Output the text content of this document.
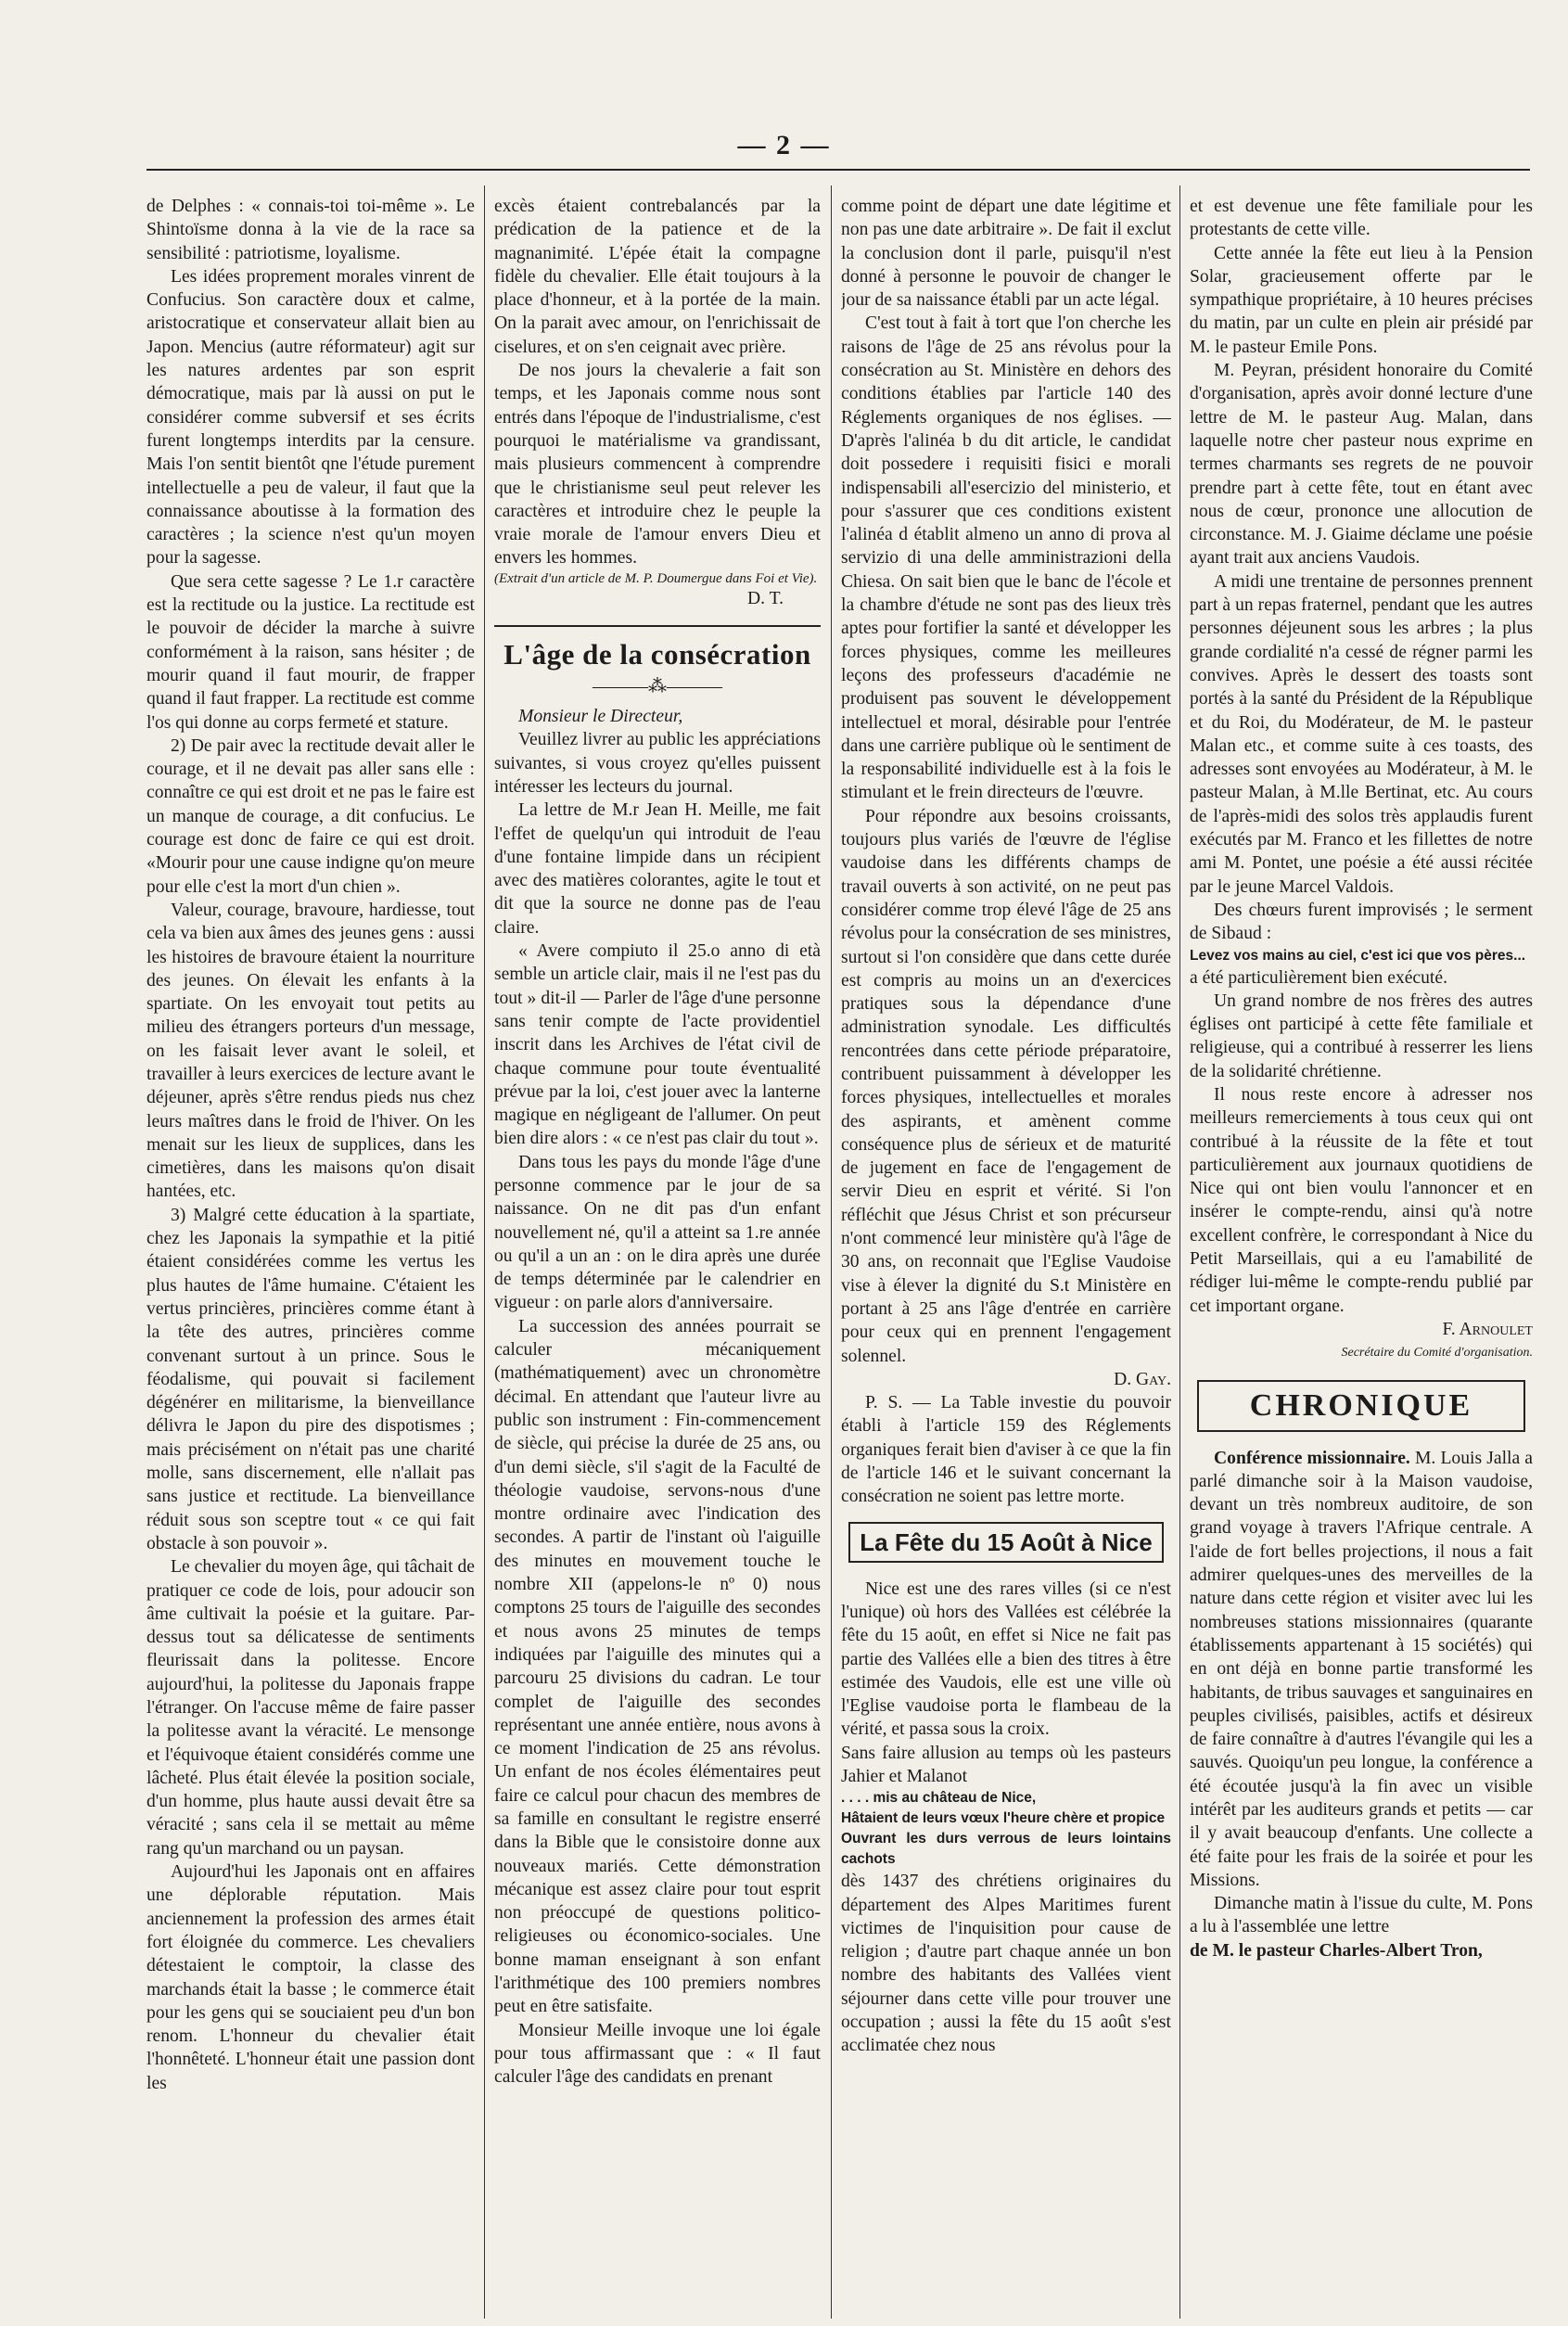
— 2 —

de Delphes : « connais-toi toi-même ». Le Shintoïsme donna à la vie de la race sa sensibilité : patriotisme, loyalisme.

Les idées proprement morales vinrent de Confucius. Son caractère doux et calme, aristocratique et conservateur allait bien au Japon. Mencius (autre réformateur) agit sur les natures ardentes par son esprit démocratique, mais par là aussi on put le considérer comme subversif et ses écrits furent longtemps interdits par la censure. Mais l'on sentit bientôt qne l'étude purement intellectuelle a peu de valeur, il faut que la connaissance aboutisse à la formation des caractères ; la science n'est qu'un moyen pour la sagesse.

Que sera cette sagesse ? Le 1.r caractère est la rectitude ou la justice. La rectitude est le pouvoir de décider la marche à suivre conformément à la raison, sans hésiter ; de mourir quand il faut mourir, de frapper quand il faut frapper. La rectitude est comme l'os qui donne au corps fermeté et stature.

2) De pair avec la rectitude devait aller le courage, et il ne devait pas aller sans elle : connaître ce qui est droit et ne pas le faire est un manque de courage, a dit confucius. Le courage est donc de faire ce qui est droit. «Mourir pour une cause indigne qu'on meure pour elle c'est la mort d'un chien ».

Valeur, courage, bravoure, hardiesse, tout cela va bien aux âmes des jeunes gens : aussi les histoires de bravoure étaient la nourriture des jeunes. On élevait les enfants à la spartiate. On les envoyait tout petits au milieu des étrangers porteurs d'un message, on les faisait lever avant le soleil, et travailler à leurs exercices de lecture avant le déjeuner, après s'être rendus pieds nus chez leurs maîtres dans le froid de l'hiver. On les menait sur les lieux de supplices, dans les cimetières, dans les maisons qu'on disait hantées, etc.

3) Malgré cette éducation à la spartiate, chez les Japonais la sympathie et la pitié étaient considérées comme les vertus les plus hautes de l'âme humaine. C'étaient les vertus princières, princières comme étant à la tête des autres, princières comme convenant surtout à un prince. Sous le féodalisme, qui pouvait si facilement dégénérer en militarisme, la bienveillance délivra le Japon du pire des dispotismes ; mais précisément on n'était pas une charité molle, sans discernement, elle n'allait pas sans justice et rectitude. La bienveillance réduit sous son sceptre tout « ce qui fait obstacle à son pouvoir ».

Le chevalier du moyen âge, qui tâchait de pratiquer ce code de lois, pour adoucir son âme cultivait la poésie et la guitare. Par-dessus tout sa délicatesse de sentiments fleurissait dans la politesse. Encore aujourd'hui, la politesse du Japonais frappe l'étranger. On l'accuse même de faire passer la politesse avant la véracité. Le mensonge et l'équivoque étaient considérés comme une lâcheté. Plus était élevée la position sociale, d'un homme, plus haute aussi devait être sa véracité ; sans cela il se mettait au même rang qu'un marchand ou un paysan.

Aujourd'hui les Japonais ont en affaires une déplorable réputation. Mais anciennement la profession des armes était fort éloignée du commerce. Les chevaliers détestaient le comptoir, la classe des marchands était la basse ; le commerce était pour les gens qui se souciaient peu d'un bon renom. L'honneur du chevalier était l'honnêteté. L'honneur était une passion dont les

excès étaient contrebalancés par la prédication de la patience et de la magnanimité. L'épée était la compagne fidèle du chevalier. Elle était toujours à la place d'honneur, et à la portée de la main. On la parait avec amour, on l'enrichissait de ciselures, et on s'en ceignait avec prière.

De nos jours la chevalerie a fait son temps, et les Japonais comme nous sont entrés dans l'époque de l'industrialisme, c'est pourquoi le matérialisme va grandissant, mais plusieurs commencent à comprendre que le christianisme seul peut relever les caractères et introduire chez le peuple la vraie morale de l'amour envers Dieu et envers les hommes.

(Extrait d'un article de M. P. Doumergue dans Foi et Vie).

D. T.

L'âge de la consécration
———⁂———

Monsieur le Directeur,

Veuillez livrer au public les appréciations suivantes, si vous croyez qu'elles puissent intéresser les lecteurs du journal.

La lettre de M.r Jean H. Meille, me fait l'effet de quelqu'un qui introduit de l'eau d'une fontaine limpide dans un récipient avec des matières colorantes, agite le tout et dit que la source ne donne pas de l'eau claire.

« Avere compiuto il 25.o anno di età semble un article clair, mais il ne l'est pas du tout » dit-il — Parler de l'âge d'une personne sans tenir compte de l'acte providentiel inscrit dans les Archives de l'état civil de chaque commune pour toute éventualité prévue par la loi, c'est jouer avec la lanterne magique en négligeant de l'allumer. On peut bien dire alors : « ce n'est pas clair du tout ».

Dans tous les pays du monde l'âge d'une personne commence par le jour de sa naissance. On ne dit pas d'un enfant nouvellement né, qu'il a atteint sa 1.re année ou qu'il a un an : on le dira après une durée de temps déterminée par le calendrier en vigueur : on parle alors d'anniversaire.

La succession des années pourrait se calculer mécaniquement (mathématiquement) avec un chronomètre décimal. En attendant que l'auteur livre au public son instrument : Fin-commencement de siècle, qui précise la durée de 25 ans, ou d'un demi siècle, s'il s'agit de la Faculté de théologie vaudoise, servons-nous d'une montre ordinaire avec l'indication des secondes. A partir de l'instant où l'aiguille des minutes en mouvement touche le nombre XII (appelons-le nº 0) nous comptons 25 tours de l'aiguille des secondes et nous avons 25 minutes de temps indiquées par l'aiguille des minutes qui a parcouru 25 divisions du cadran. Le tour complet de l'aiguille des secondes représentant une année entière, nous avons à ce moment l'indication de 25 ans révolus. Un enfant de nos écoles élémentaires peut faire ce calcul pour chacun des membres de sa famille en consultant le registre enserré dans la Bible que le consistoire donne aux nouveaux mariés. Cette démonstration mécanique est assez claire pour tout esprit non préoccupé de questions politico-religieuses ou économico-sociales. Une bonne maman enseignant à son enfant l'arithmétique des 100 premiers nombres peut en être satisfaite.

Monsieur Meille invoque une loi égale pour tous affirmassant que : « Il faut calculer l'âge des candidats en prenant

comme point de départ une date légitime et non pas une date arbitraire ». De fait il exclut la conclusion dont il parle, puisqu'il n'est donné à personne le pouvoir de changer le jour de sa naissance établi par un acte légal.

C'est tout à fait à tort que l'on cherche les raisons de l'âge de 25 ans révolus pour la consécration au St. Ministère en dehors des conditions établies par l'article 140 des Réglements organiques de nos églises. — D'après l'alinéa b du dit article, le candidat doit possedere i requisiti fisici e morali indispensabili all'esercizio del ministerio, et pour s'assurer que ces conditions existent l'alinéa d établit almeno un anno di prova al servizio di una delle amministrazioni della Chiesa. On sait bien que le banc de l'école et la chambre d'étude ne sont pas des lieux très aptes pour fortifier la santé et développer les forces physiques, comme les meilleures leçons des professeurs d'académie ne produisent pas souvent le développement intellectuel et moral, désirable pour l'entrée dans une carrière publique où le sentiment de la responsabilité individuelle est à la fois le stimulant et le frein directeurs de l'œuvre.

Pour répondre aux besoins croissants, toujours plus variés de l'œuvre de l'église vaudoise dans les différents champs de travail ouverts à son activité, on ne peut pas considérer comme trop élevé l'âge de 25 ans révolus pour la consécration de ses ministres, surtout si l'on considère que dans cette durée est compris au moins un an d'exercices pratiques sous la dépendance d'une administration synodale. Les difficultés rencontrées dans cette période préparatoire, contribuent puissamment à développer les forces physiques, intellectuelles et morales des aspirants, et amènent comme conséquence plus de sérieux et de maturité de jugement en face de l'engagement de servir Dieu en esprit et vérité. Si l'on réfléchit que Jésus Christ et son précurseur n'ont commencé leur ministère qu'à l'âge de 30 ans, on reconnait que l'Eglise Vaudoise vise à élever la dignité du S.t Ministère en portant à 25 ans l'âge d'entrée en carrière pour ceux qui en prennent l'engagement solennel.

D. Gay.

P. S. — La Table investie du pouvoir établi à l'article 159 des Réglements organiques ferait bien d'aviser à ce que la fin de l'article 146 et le suivant concernant la consécration ne soient pas lettre morte.

La Fête du 15 Août à Nice

Nice est une des rares villes (si ce n'est l'unique) où hors des Vallées est célébrée la fête du 15 août, en effet si Nice ne fait pas partie des Vallées elle a bien des titres à être estimée des Vaudois, elle est une ville où l'Eglise vaudoise porta le flambeau de la vérité, et passa sous la croix.

Sans faire allusion au temps où les pasteurs Jahier et Malanot

. . . . mis au château de Nice,

Hâtaient de leurs vœux l'heure chère et propice

Ouvrant les durs verrous de leurs lointains cachots

dès 1437 des chrétiens originaires du département des Alpes Maritimes furent victimes de l'inquisition pour cause de religion ; d'autre part chaque année un bon nombre des habitants des Vallées vient séjourner dans cette ville pour trouver une occupation ; aussi la fête du 15 août s'est acclimatée chez nous

et est devenue une fête familiale pour les protestants de cette ville.

Cette année la fête eut lieu à la Pension Solar, gracieusement offerte par le sympathique propriétaire, à 10 heures précises du matin, par un culte en plein air présidé par M. le pasteur Emile Pons.

M. Peyran, président honoraire du Comité d'organisation, après avoir donné lecture d'une lettre de M. le pasteur Aug. Malan, dans laquelle notre cher pasteur nous exprime en termes charmants ses regrets de ne pouvoir prendre part à cette fête, tout en étant avec nous de cœur, prononce une allocution de circonstance. M. J. Giaime déclame une poésie ayant trait aux anciens Vaudois.

A midi une trentaine de personnes prennent part à un repas fraternel, pendant que les autres personnes déjeunent sous les arbres ; la plus grande cordialité n'a cessé de régner parmi les convives. Après le dessert des toasts sont portés à la santé du Président de la République et du Roi, du Modérateur, de M. le pasteur Malan etc., et comme suite à ces toasts, des adresses sont envoyées au Modérateur, à M. le pasteur Malan, à M.lle Bertinat, etc. Au cours de l'après-midi des solos très applaudis furent exécutés par M. Franco et les fillettes de notre ami M. Pontet, une poésie a été aussi récitée par le jeune Marcel Valdois.

Des chœurs furent improvisés ; le serment de Sibaud :

Levez vos mains au ciel, c'est ici que vos pères...

a été particulièrement bien exécuté.

Un grand nombre de nos frères des autres églises ont participé à cette fête familiale et religieuse, qui a contribué à resserrer les liens de la solidarité chrétienne.

Il nous reste encore à adresser nos meilleurs remerciements à tous ceux qui ont contribué à la réussite de la fête et tout particulièrement aux journaux quotidiens de Nice qui ont bien voulu l'annoncer et en insérer le compte-rendu, ainsi qu'à notre excellent confrère, le correspondant à Nice du Petit Marseillais, qui a eu l'amabilité de rédiger lui-même le compte-rendu publié par cet important organe.

F. Arnoulet

Secrétaire du Comité d'organisation.

CHRONIQUE

Conférence missionnaire. M. Louis Jalla a parlé dimanche soir à la Maison vaudoise, devant un très nombreux auditoire, de son grand voyage à travers l'Afrique centrale. A l'aide de fort belles projections, il nous a fait admirer quelques-unes des merveilles de la nature dans cette région et visiter avec lui les nombreuses stations missionnaires (quarante établissements appartenant à 15 sociétés) qui en ont déjà en bonne partie transformé les habitants, de tribus sauvages et sanguinaires en peuples civilisés, paisibles, actifs et désireux de faire connaître à d'autres l'évangile qui les a sauvés. Quoiqu'un peu longue, la conférence a été écoutée jusqu'à la fin avec un visible intérêt par les auditeurs grands et petits — car il y avait beaucoup d'enfants. Une collecte a été faite pour les frais de la soirée et pour les Missions.

Dimanche matin à l'issue du culte, M. Pons a lu à l'assemblée une lettre

de M. le pasteur Charles-Albert Tron,
